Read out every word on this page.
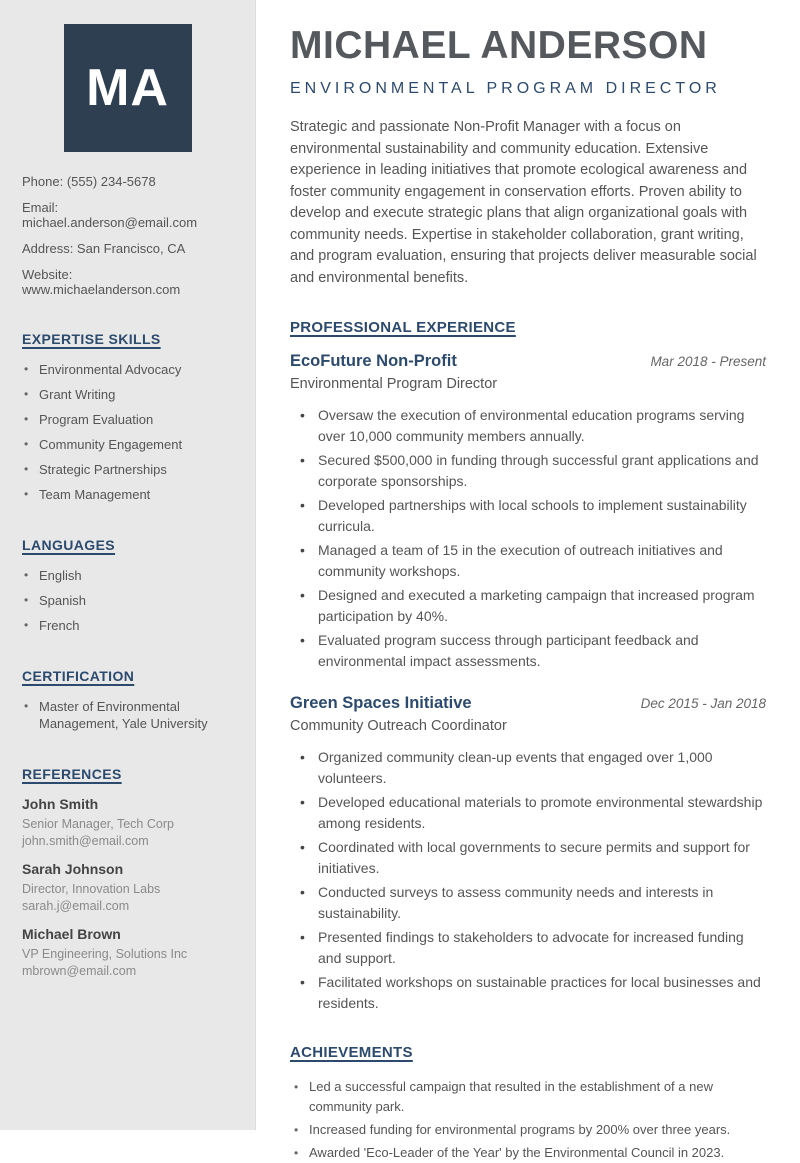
MA
Phone: (555) 234-5678
Email: michael.anderson@email.com
Address: San Francisco, CA
Website: www.michaelanderson.com
EXPERTISE SKILLS
• Environmental Advocacy
• Grant Writing
• Program Evaluation
• Community Engagement
• Strategic Partnerships
• Team Management
LANGUAGES
• English
• Spanish
• French
CERTIFICATION
• Master of Environmental Management, Yale University
REFERENCES
John Smith
Senior Manager, Tech Corp
john.smith@email.com
Sarah Johnson
Director, Innovation Labs
sarah.j@email.com
Michael Brown
VP Engineering, Solutions Inc
mbrown@email.com
MICHAEL ANDERSON
ENVIRONMENTAL PROGRAM DIRECTOR

Strategic and passionate Non-Profit Manager with a focus on environmental sustainability and community education. Extensive experience in leading initiatives that promote ecological awareness and foster community engagement in conservation efforts. Proven ability to develop and execute strategic plans that align organizational goals with community needs. Expertise in stakeholder collaboration, grant writing, and program evaluation, ensuring that projects deliver measurable social and environmental benefits.

PROFESSIONAL EXPERIENCE
EcoFuture Non-Profit	Mar 2018 - Present
Environmental Program Director
• Oversaw the execution of environmental education programs serving over 10,000 community members annually.
• Secured $500,000 in funding through successful grant applications and corporate sponsorships.
• Developed partnerships with local schools to implement sustainability curricula.
• Managed a team of 15 in the execution of outreach initiatives and community workshops.
• Designed and executed a marketing campaign that increased program participation by 40%.
• Evaluated program success through participant feedback and environmental impact assessments.
Green Spaces Initiative	Dec 2015 - Jan 2018
Community Outreach Coordinator
• Organized community clean-up events that engaged over 1,000 volunteers.
• Developed educational materials to promote environmental stewardship among residents.
• Coordinated with local governments to secure permits and support for initiatives.
• Conducted surveys to assess community needs and interests in sustainability.
• Presented findings to stakeholders to advocate for increased funding and support.
• Facilitated workshops on sustainable practices for local businesses and residents.
ACHIEVEMENTS
• Led a successful campaign that resulted in the establishment of a new community park.
• Increased funding for environmental programs by 200% over three years.
• Awarded 'Eco-Leader of the Year' by the Environmental Council in 2023.
